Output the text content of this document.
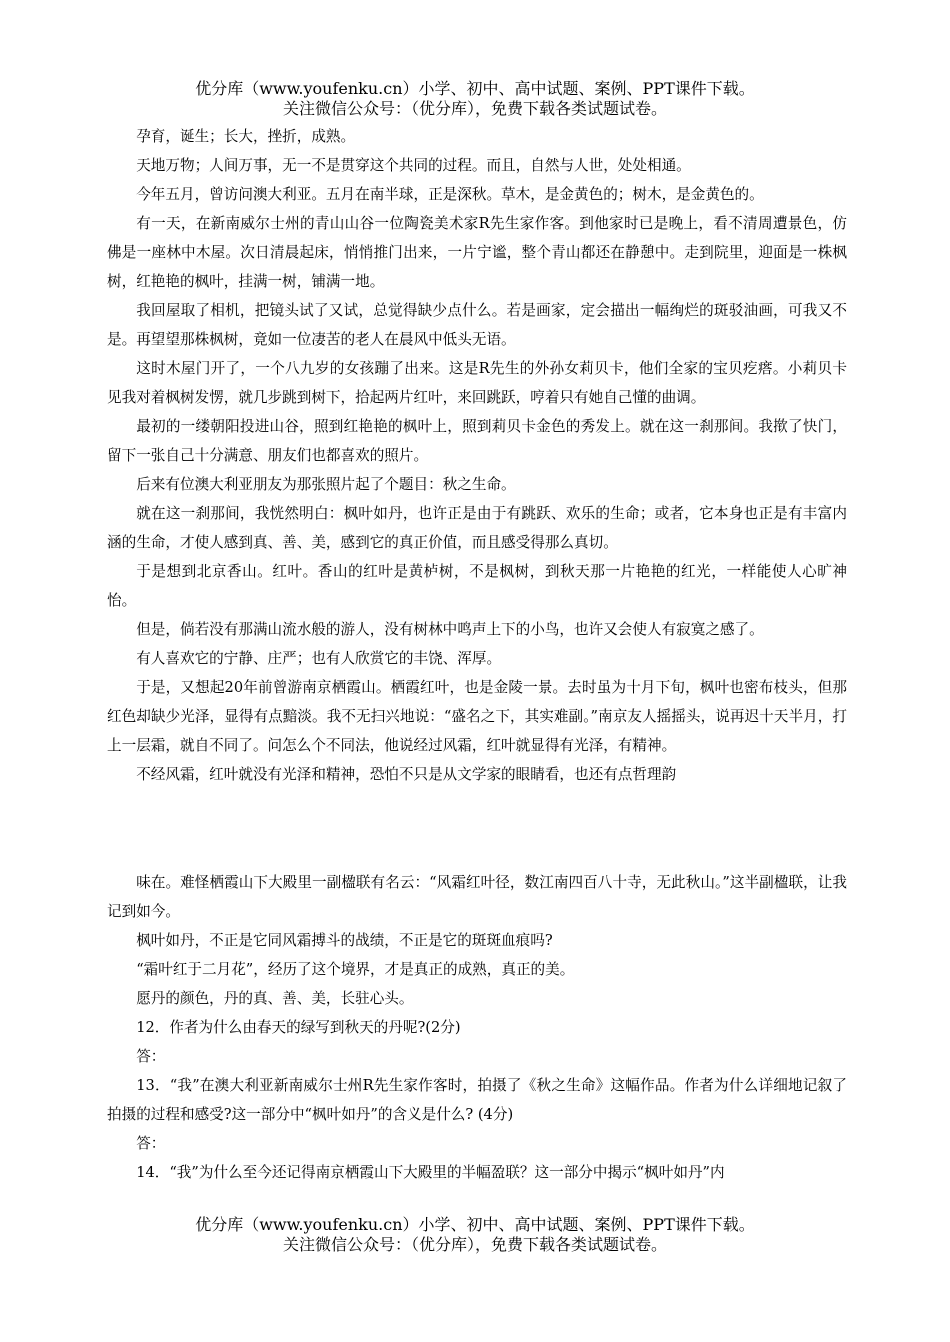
优分库（www.youfenku.cn）小学、初中、高中试题、案例、PPT课件下载。
关注微信公众号：（优分库），免费下载各类试题试卷。

孕育，诞生；长大，挫折，成熟。

天地万物；人间万事，无一不是贯穿这个共同的过程。而且，自然与人世，处处相通。

今年五月，曾访问澳大利亚。五月在南半球，正是深秋。草木，是金黄色的；树木，是金黄色的。

有一天，在新南威尔士州的青山山谷一位陶瓷美术家R先生家作客。到他家时已是晚上，看不清周遭景色，仿佛是一座林中木屋。次日清晨起床，悄悄推门出来，一片宁谧，整个青山都还在静憩中。走到院里，迎面是一株枫树，红艳艳的枫叶，挂满一树，铺满一地。

我回屋取了相机，把镜头试了又试，总觉得缺少点什么。若是画家，定会描出一幅绚烂的斑驳油画，可我又不是。再望望那株枫树，竟如一位凄苦的老人在晨风中低头无语。

这时木屋门开了，一个八九岁的女孩蹦了出来。这是R先生的外孙女莉贝卡，他们全家的宝贝疙瘩。小莉贝卡见我对着枫树发愣，就几步跳到树下，拾起两片红叶，来回跳跃，哼着只有她自己懂的曲调。

最初的一缕朝阳投进山谷，照到红艳艳的枫叶上，照到莉贝卡金色的秀发上。就在这一刹那间。我揿了快门，留下一张自己十分满意、朋友们也都喜欢的照片。

后来有位澳大利亚朋友为那张照片起了个题目：秋之生命。

就在这一刹那间，我恍然明白：枫叶如丹，也许正是由于有跳跃、欢乐的生命；或者，它本身也正是有丰富内涵的生命，才使人感到真、善、美，感到它的真正价值，而且感受得那么真切。

于是想到北京香山。红叶。香山的红叶是黄栌树，不是枫树，到秋天那一片艳艳的红光，一样能使人心旷神怡。

但是，倘若没有那满山流水般的游人，没有树林中鸣声上下的小鸟，也许又会使人有寂寞之感了。

有人喜欢它的宁静、庄严；也有人欣赏它的丰饶、浑厚。

于是，又想起20年前曾游南京栖霞山。栖霞红叶，也是金陵一景。去时虽为十月下旬，枫叶也密布枝头，但那红色却缺少光泽，显得有点黯淡。我不无扫兴地说：“盛名之下，其实难副。”南京友人摇摇头，说再迟十天半月，打上一层霜，就自不同了。问怎么个不同法，他说经过风霜，红叶就显得有光泽，有精神。

不经风霜，红叶就没有光泽和精神，恐怕不只是从文学家的眼睛看，也还有点哲理韵

味在。难怪栖霞山下大殿里一副楹联有名云：“风霜红叶径，数江南四百八十寺，无此秋山。”这半副楹联，让我记到如今。

枫叶如丹，不正是它同风霜搏斗的战绩，不正是它的斑斑血痕吗?

“霜叶红于二月花”，经历了这个境界，才是真正的成熟，真正的美。

愿丹的颜色，丹的真、善、美，长驻心头。

12．作者为什么由春天的绿写到秋天的丹呢?(2分)

答：

13．“我”在澳大利亚新南威尔士州R先生家作客时，拍摄了《秋之生命》这幅作品。作者为什么详细地记叙了拍摄的过程和感受?这一部分中“枫叶如丹”的含义是什么? (4分)

答：

14．“我”为什么至今还记得南京栖霞山下大殿里的半幅盈联？这一部分中揭示“枫叶如丹”内

优分库（www.youfenku.cn）小学、初中、高中试题、案例、PPT课件下载。
关注微信公众号：（优分库），免费下载各类试题试卷。
